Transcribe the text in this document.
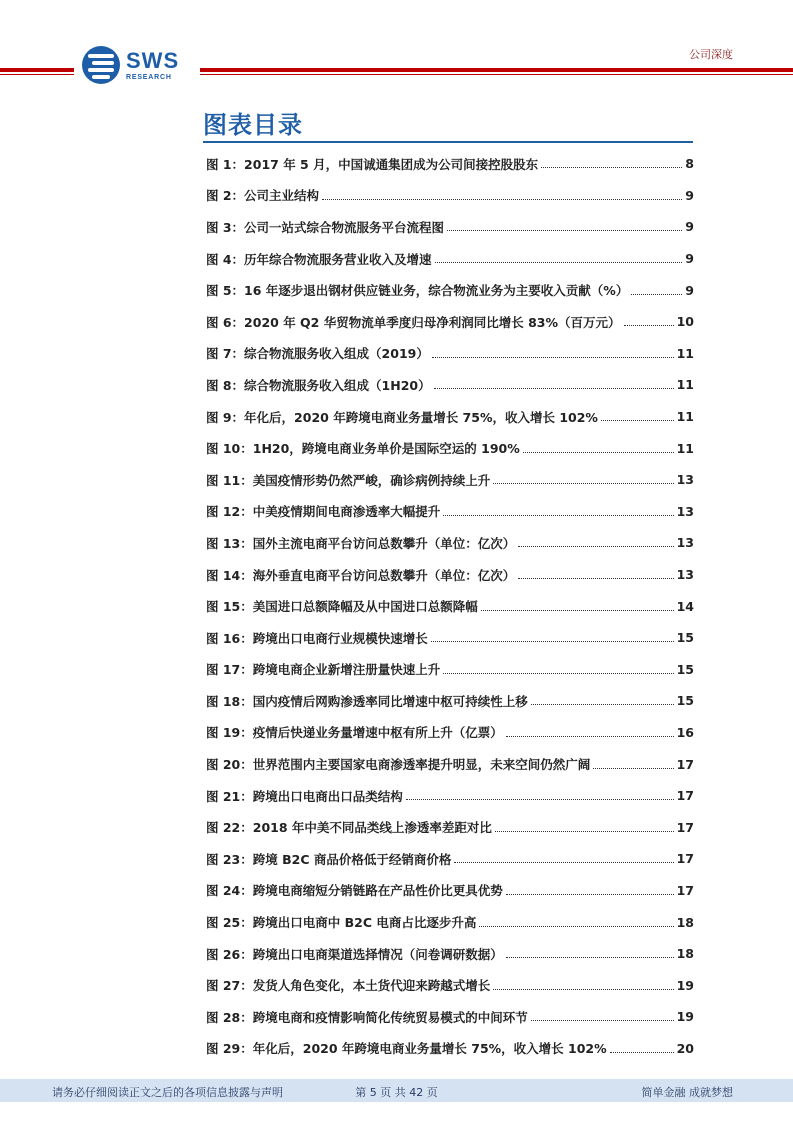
SWS
RESEARCH
公司深度
图表目录
图 1：2017 年 5 月，中国诚通集团成为公司间接控股股东	8
图 2：公司主业结构	9
图 3：公司一站式综合物流服务平台流程图	9
图 4：历年综合物流服务营业收入及增速	9
图 5：16 年逐步退出钢材供应链业务，综合物流业务为主要收入贡献（%）	9
图 6：2020 年 Q2 华贸物流单季度归母净利润同比增长 83%（百万元）	10
图 7：综合物流服务收入组成（2019）	11
图 8：综合物流服务收入组成（1H20）	11
图 9：年化后，2020 年跨境电商业务量增长 75%，收入增长 102%	11
图 10：1H20，跨境电商业务单价是国际空运的 190%	11
图 11：美国疫情形势仍然严峻，确诊病例持续上升	13
图 12：中美疫情期间电商渗透率大幅提升	13
图 13：国外主流电商平台访问总数攀升（单位：亿次）	13
图 14：海外垂直电商平台访问总数攀升（单位：亿次）	13
图 15：美国进口总额降幅及从中国进口总额降幅	14
图 16：跨境出口电商行业规模快速增长	15
图 17：跨境电商企业新增注册量快速上升	15
图 18：国内疫情后网购渗透率同比增速中枢可持续性上移	15
图 19：疫情后快递业务量增速中枢有所上升（亿票）	16
图 20：世界范围内主要国家电商渗透率提升明显，未来空间仍然广阔	17
图 21：跨境出口电商出口品类结构	17
图 22：2018 年中美不同品类线上渗透率差距对比	17
图 23：跨境 B2C 商品价格低于经销商价格	17
图 24：跨境电商缩短分销链路在产品性价比更具优势	17
图 25：跨境出口电商中 B2C 电商占比逐步升高	18
图 26：跨境出口电商渠道选择情况（问卷调研数据）	18
图 27：发货人角色变化，本土货代迎来跨越式增长	19
图 28：跨境电商和疫情影响简化传统贸易模式的中间环节	19
图 29：年化后，2020 年跨境电商业务量增长 75%，收入增长 102%	20
请务必仔细阅读正文之后的各项信息披露与声明	第 5 页 共 42 页	简单金融 成就梦想
